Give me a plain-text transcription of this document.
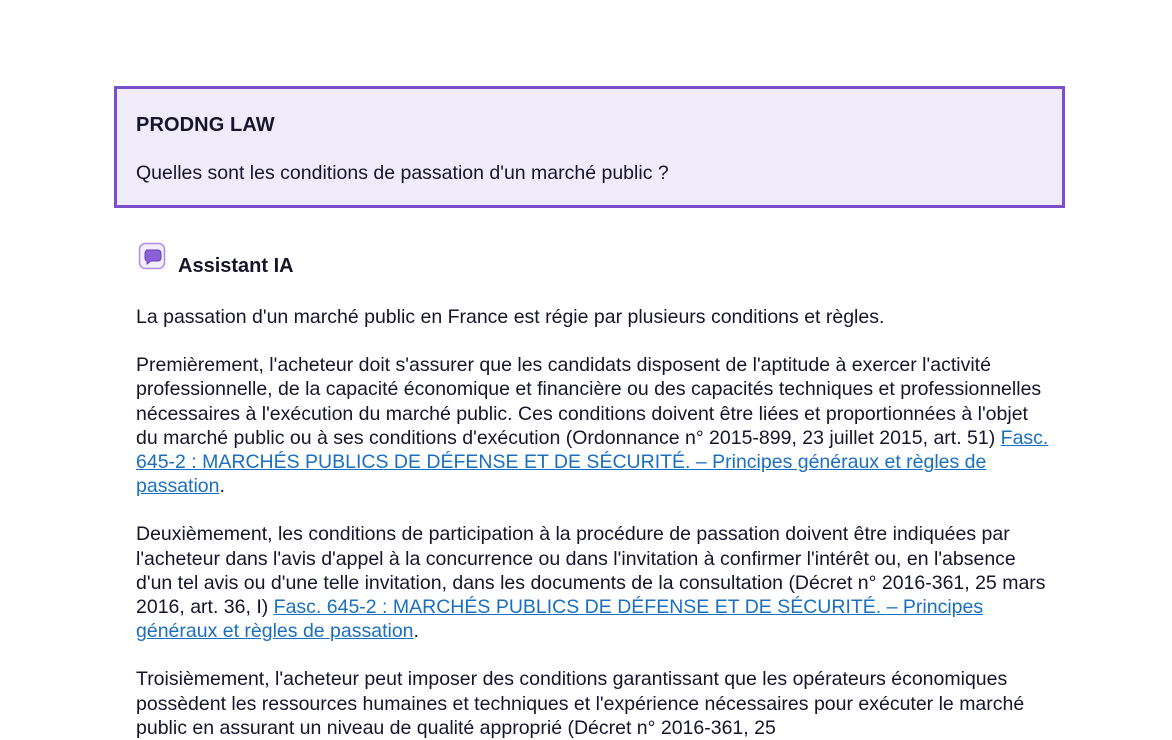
PRODNG LAW
Quelles sont les conditions de passation d'un marché public ?
Assistant IA

La passation d'un marché public en France est régie par plusieurs conditions et règles.

Premièrement, l'acheteur doit s'assurer que les candidats disposent de l'aptitude à exercer l'activité professionnelle, de la capacité économique et financière ou des capacités techniques et professionnelles nécessaires à l'exécution du marché public. Ces conditions doivent être liées et proportionnées à l'objet du marché public ou à ses conditions d'exécution (Ordonnance n° 2015-899, 23 juillet 2015, art. 51) Fasc. 645-2 : MARCHÉS PUBLICS DE DÉFENSE ET DE SÉCURITÉ. – Principes généraux et règles de passation.

Deuxièmement, les conditions de participation à la procédure de passation doivent être indiquées par l'acheteur dans l'avis d'appel à la concurrence ou dans l'invitation à confirmer l'intérêt ou, en l'absence d'un tel avis ou d'une telle invitation, dans les documents de la consultation (Décret n° 2016-361, 25 mars 2016, art. 36, I) Fasc. 645-2 : MARCHÉS PUBLICS DE DÉFENSE ET DE SÉCURITÉ. – Principes généraux et règles de passation.

Troisièmement, l'acheteur peut imposer des conditions garantissant que les opérateurs économiques possèdent les ressources humaines et techniques et l'expérience nécessaires pour exécuter le marché public en assurant un niveau de qualité approprié (Décret n° 2016-361, 25
